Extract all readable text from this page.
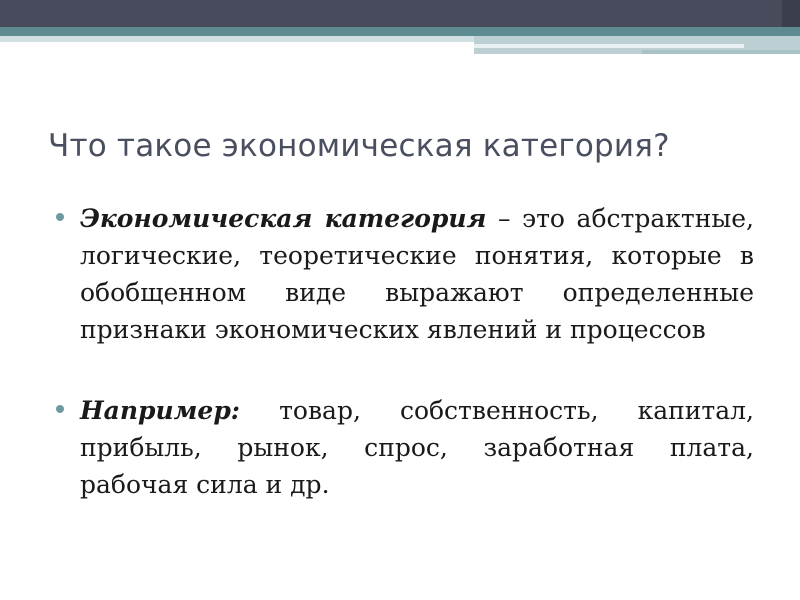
Что такое экономическая категория?
Экономическая категория – это абстрактные, логические, теоретические понятия, которые в обобщенном виде выражают определенные признаки экономических явлений и процессов
Например: товар, собственность, капитал, прибыль, рынок, спрос, заработная плата, рабочая сила и др.
